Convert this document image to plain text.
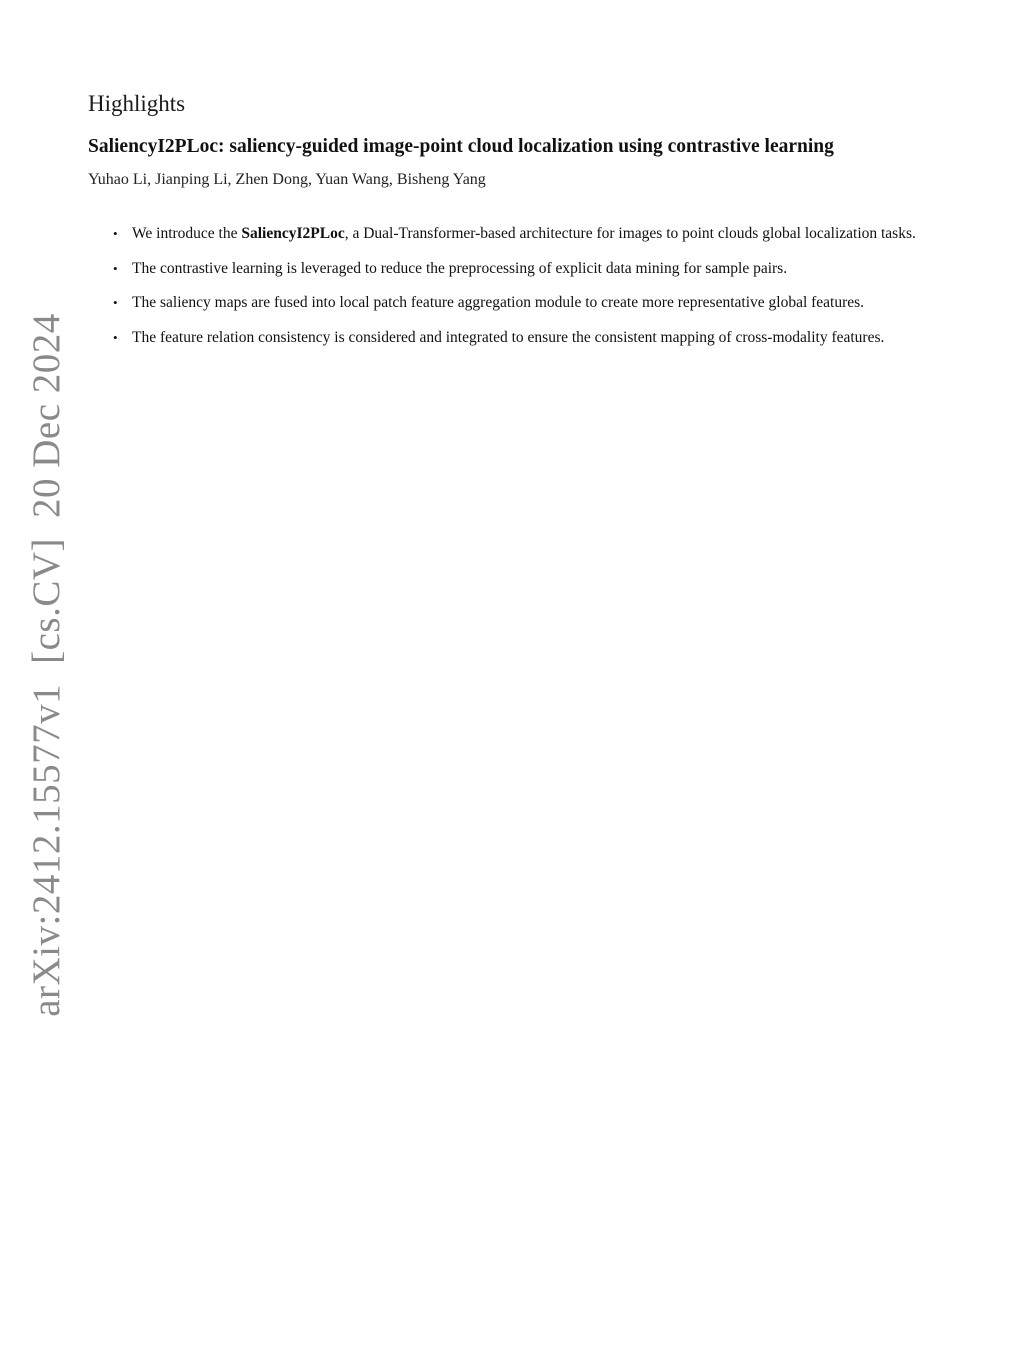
arXiv:2412.15577v1[cs.CV]20 Dec 2024
Highlights
SaliencyI2PLoc: saliency-guided image-point cloud localization using contrastive learning

Yuhao Li, Jianping Li, Zhen Dong, Yuan Wang, Bisheng Yang

• We introduce the SaliencyI2PLoc, a Dual-Transformer-based architecture for images to point clouds global localization tasks.
• The contrastive learning is leveraged to reduce the preprocessing of explicit data mining for sample pairs.
• The saliency maps are fused into local patch feature aggregation module to create more representative global features.
• The feature relation consistency is considered and integrated to ensure the consistent mapping of cross-modality features.
